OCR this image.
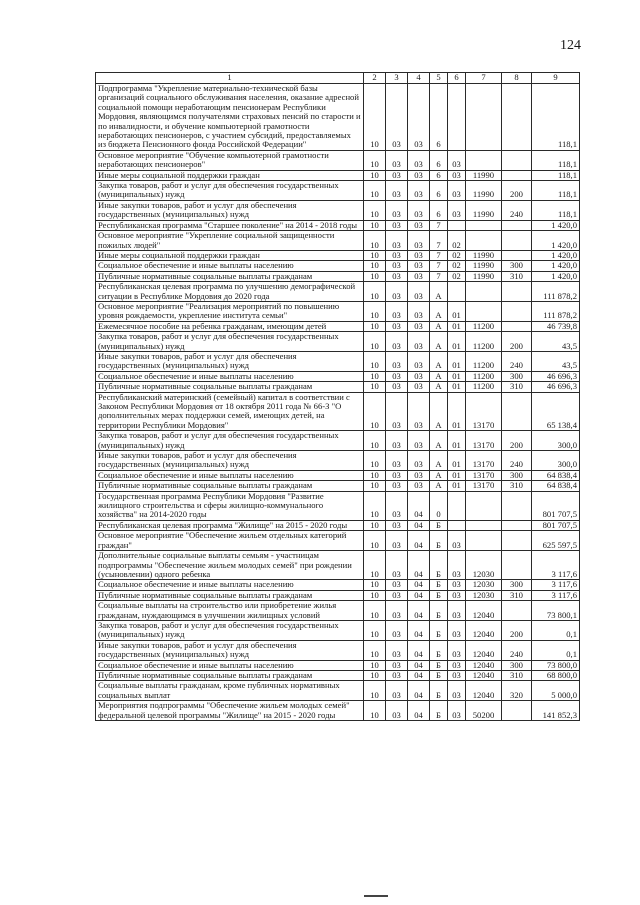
124
1	2	3	4	5	6	7	8	9
Подпрограмма "Укрепление материально-технической базы организаций социального обслуживания населения, оказание адресной социальной помощи неработающим пенсионерам Республики Мордовия, являющимся получателями страховых пенсий по старости и по инвалидности, и обучение компьютерной грамотности неработающих пенсионеров, с участием субсидий, предоставляемых из бюджета Пенсионного фонда Российской Федерации"	10	03	03	6				118,1
Основное мероприятие "Обучение компьютерной грамотности неработающих пенсионеров"	10	03	03	6	03			118,1
Иные меры социальной поддержки граждан	10	03	03	6	03	11990		118,1
Закупка товаров, работ и услуг для обеспечения государственных (муниципальных) нужд	10	03	03	6	03	11990	200	118,1
Иные закупки товаров, работ и услуг для обеспечения государственных (муниципальных) нужд	10	03	03	6	03	11990	240	118,1
Республиканская программа "Старшее поколение" на 2014 - 2018 годы	10	03	03	7				1 420,0
Основное мероприятие "Укрепление социальной защищенности пожилых людей"	10	03	03	7	02			1 420,0
Иные меры социальной поддержки граждан	10	03	03	7	02	11990		1 420,0
Социальное обеспечение и иные выплаты населению	10	03	03	7	02	11990	300	1 420,0
Публичные нормативные социальные выплаты гражданам	10	03	03	7	02	11990	310	1 420,0
Республиканская целевая программа по улучшению демографической ситуации в Республике Мордовия до 2020 года	10	03	03	А				111 878,2
Основное мероприятие "Реализация мероприятий по повышению уровня рождаемости, укрепление института семьи"	10	03	03	А	01			111 878,2
Ежемесячное пособие на ребенка гражданам, имеющим детей	10	03	03	А	01	11200		46 739,8
Закупка товаров, работ и услуг для обеспечения государственных (муниципальных) нужд	10	03	03	А	01	11200	200	43,5
Иные закупки товаров, работ и услуг для обеспечения государственных (муниципальных) нужд	10	03	03	А	01	11200	240	43,5
Социальное обеспечение и иные выплаты населению	10	03	03	А	01	11200	300	46 696,3
Публичные нормативные социальные выплаты гражданам	10	03	03	А	01	11200	310	46 696,3
Республиканский материнский (семейный) капитал в соответствии с Законом Республики Мордовия от 18 октября 2011 года № 66-З "О дополнительных мерах поддержки семей, имеющих детей, на территории Республики Мордовия"	10	03	03	А	01	13170		65 138,4
Закупка товаров, работ и услуг для обеспечения государственных (муниципальных) нужд	10	03	03	А	01	13170	200	300,0
Иные закупки товаров, работ и услуг для обеспечения государственных (муниципальных) нужд	10	03	03	А	01	13170	240	300,0
Социальное обеспечение и иные выплаты населению	10	03	03	А	01	13170	300	64 838,4
Публичные нормативные социальные выплаты гражданам	10	03	03	А	01	13170	310	64 838,4
Государственная программа Республики Мордовия "Развитие жилищного строительства и сферы жилищно-коммунального хозяйства" на 2014-2020 годы	10	03	04	0				801 707,5
Республиканская целевая программа "Жилище" на 2015 - 2020 годы	10	03	04	Б				801 707,5
Основное мероприятие "Обеспечение жильем отдельных категорий граждан"	10	03	04	Б	03			625 597,5
Дополнительные социальные выплаты семьям - участницам подпрограммы "Обеспечение жильем молодых семей" при рождении (усыновлении) одного ребенка	10	03	04	Б	03	12030		3 117,6
Социальное обеспечение и иные выплаты населению	10	03	04	Б	03	12030	300	3 117,6
Публичные нормативные социальные выплаты гражданам	10	03	04	Б	03	12030	310	3 117,6
Социальные выплаты на строительство или приобретение жилья гражданам, нуждающимся в улучшении жилищных условий	10	03	04	Б	03	12040		73 800,1
Закупка товаров, работ и услуг для обеспечения государственных (муниципальных) нужд	10	03	04	Б	03	12040	200	0,1
Иные закупки товаров, работ и услуг для обеспечения государственных (муниципальных) нужд	10	03	04	Б	03	12040	240	0,1
Социальное обеспечение и иные выплаты населению	10	03	04	Б	03	12040	300	73 800,0
Публичные нормативные социальные выплаты гражданам	10	03	04	Б	03	12040	310	68 800,0
Социальные выплаты гражданам, кроме публичных нормативных социальных выплат	10	03	04	Б	03	12040	320	5 000,0
Мероприятия подпрограммы "Обеспечение жильем молодых семей" федеральной целевой программы "Жилище" на 2015 - 2020 годы	10	03	04	Б	03	50200		141 852,3
